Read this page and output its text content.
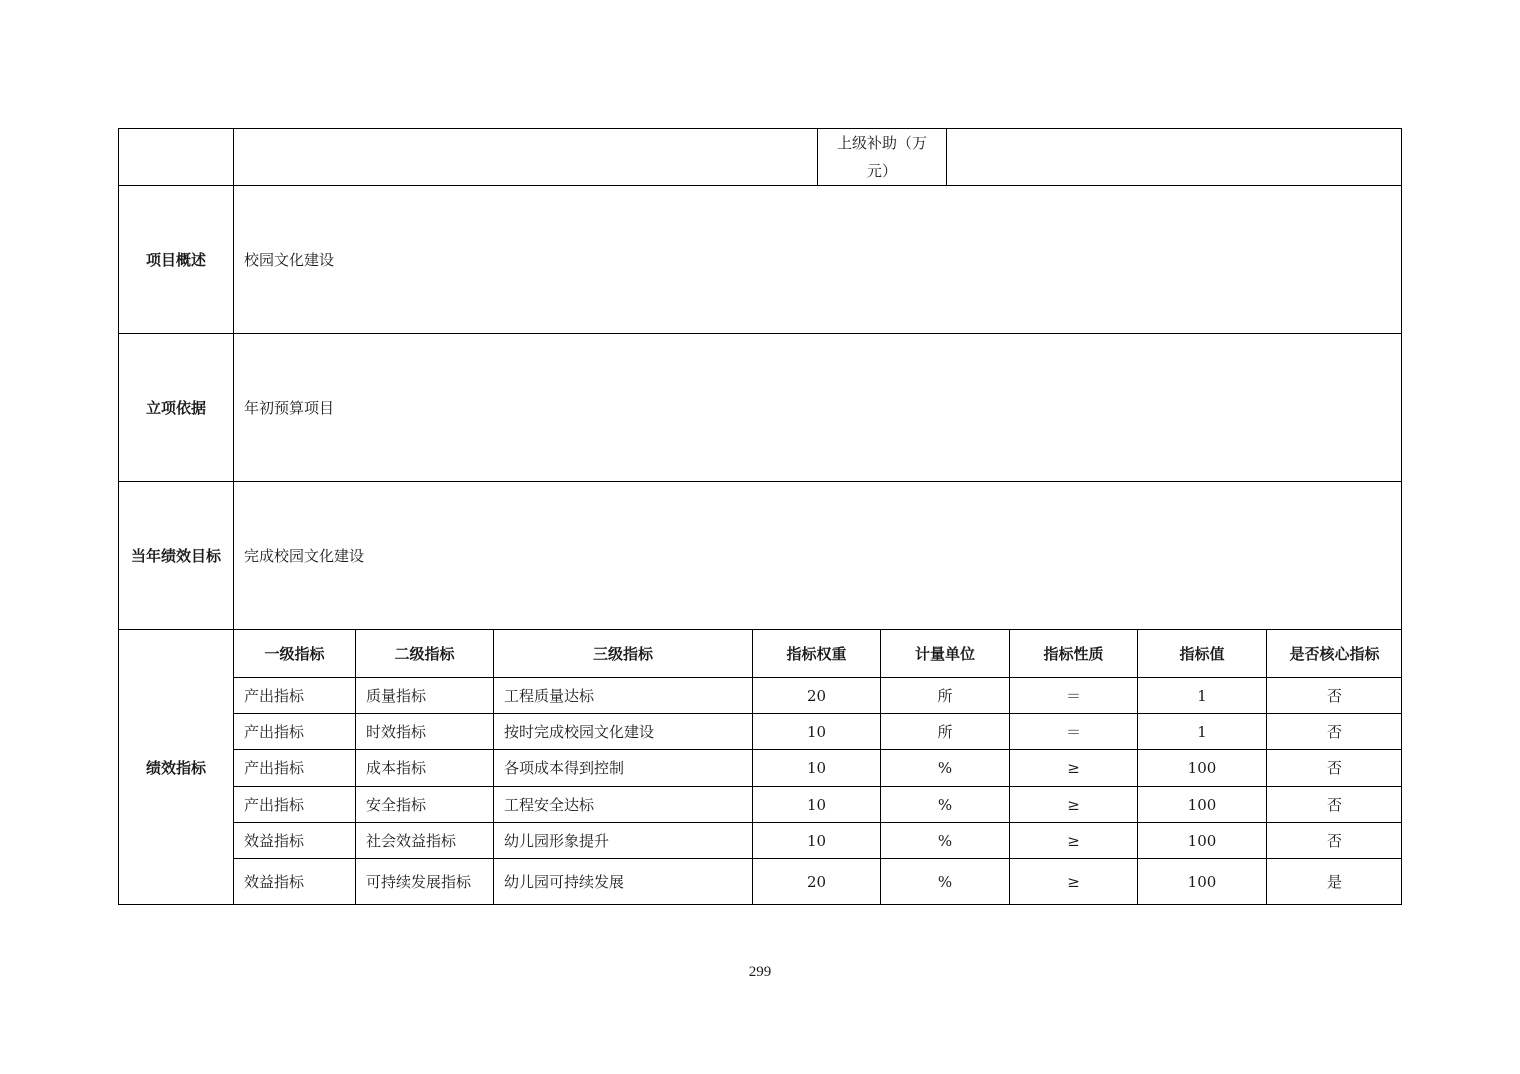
上级补助（万元）
项目概述	校园文化建设
立项依据	年初预算项目
当年绩效目标	完成校园文化建设
绩效指标
一级指标	二级指标	三级指标	指标权重	计量单位	指标性质	指标值	是否核心指标
产出指标	质量指标	工程质量达标	20	所	＝	1	否
产出指标	时效指标	按时完成校园文化建设	10	所	＝	1	否
产出指标	成本指标	各项成本得到控制	10	%	≥	100	否
产出指标	安全指标	工程安全达标	10	%	≥	100	否
效益指标	社会效益指标	幼儿园形象提升	10	%	≥	100	否
效益指标	可持续发展指标	幼儿园可持续发展	20	%	≥	100	是
299
